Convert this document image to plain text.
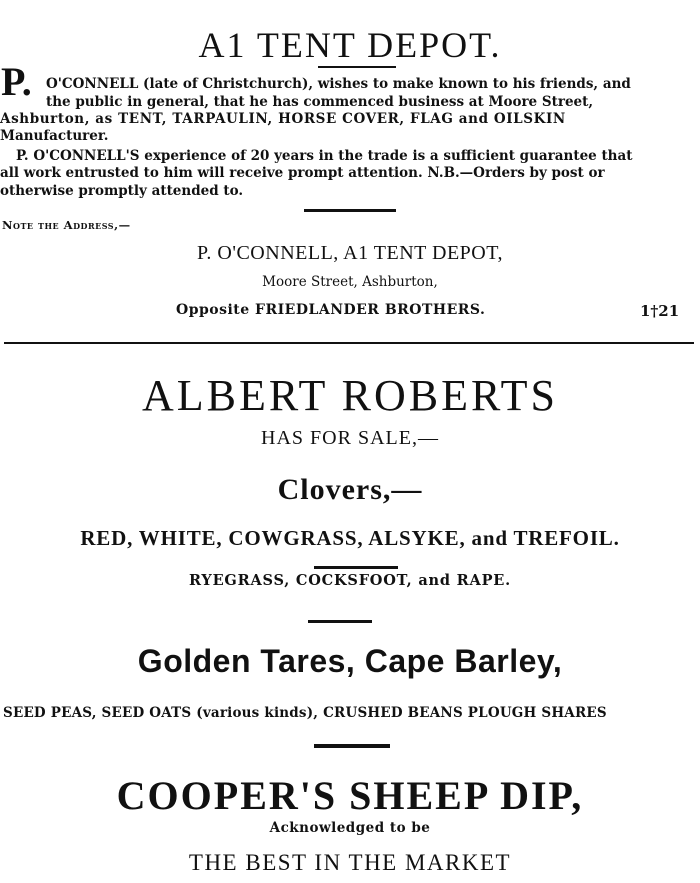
A1 TENT DEPOT.
P. O'CONNELL (late of Christchurch), wishes to make known to his friends, and
the public in general, that he has commenced business at Moore Street,
Ashburton, as TENT, TARPAULIN, HORSE COVER, FLAG and OILSKIN
Manufacturer.
P. O'CONNELL'S experience of 20 years in the trade is a sufficient guarantee that
all work entrusted to him will receive prompt attention. N.B.—Orders by post or
otherwise promptly attended to.
Note the Address,—
P. O'CONNELL, A1 TENT DEPOT,
Moore Street, Ashburton,
Opposite FRIEDLANDER BROTHERS.	1†21
ALBERT ROBERTS
HAS FOR SALE,—
Clovers,—
RED, WHITE, COWGRASS, ALSYKE, and TREFOIL.
RYEGRASS, COCKSFOOT, and RAPE.
Golden Tares, Cape Barley,
SEED PEAS, SEED OATS (various kinds), CRUSHED BEANS PLOUGH SHARES
COOPER'S SHEEP DIP,
Acknowledged to be
THE BEST IN THE MARKET
